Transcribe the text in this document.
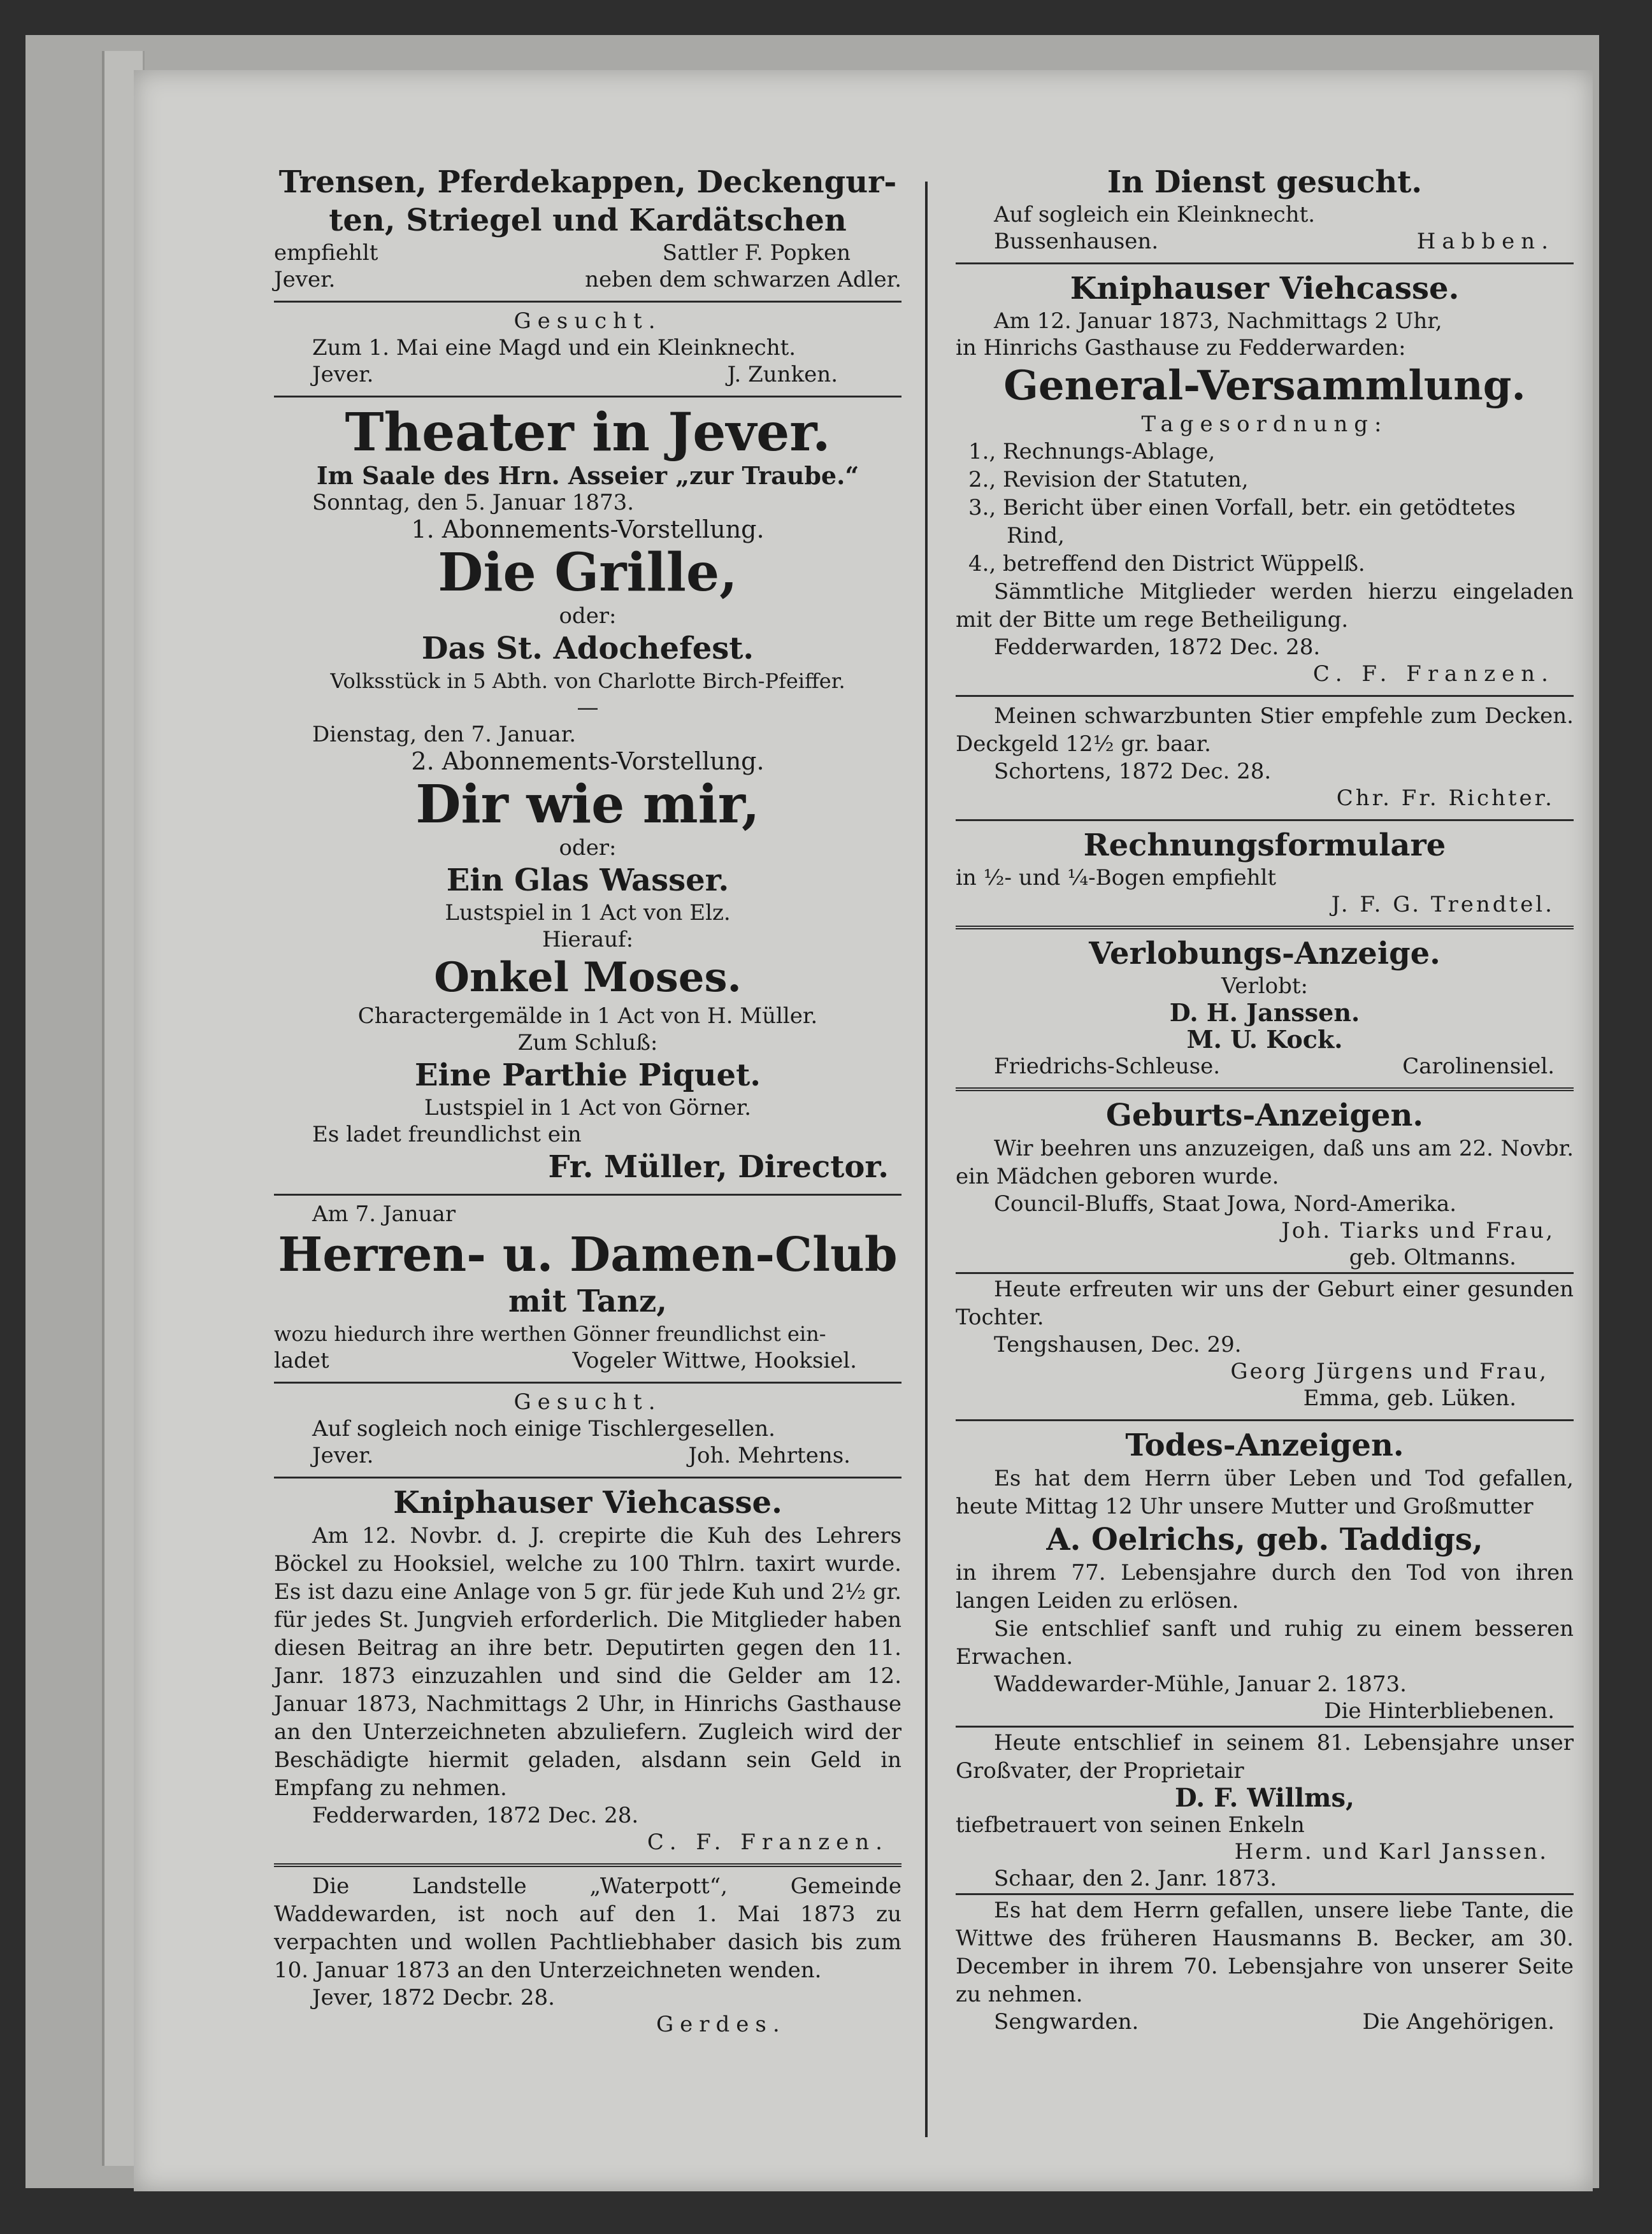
Trensen, Pferdekappen, Deckengur-
ten, Striegel und Kardätschen
empfiehlt	Sattler F. Popken
Jever.	neben dem schwarzen Adler.
Gesucht.
Zum 1. Mai eine Magd und ein Kleinknecht.
Jever.	J. Zunken.
Theater in Jever.
Im Saale des Hrn. Asseier „zur Traube.“
Sonntag, den 5. Januar 1873.
1. Abonnements-Vorstellung.
Die Grille,
oder:
Das St. Adochefest.
Volksstück in 5 Abth. von Charlotte Birch-Pfeiffer.
—
Dienstag, den 7. Januar.
2. Abonnements-Vorstellung.
Dir wie mir,
oder:
Ein Glas Wasser.
Lustspiel in 1 Act von Elz.
Hierauf:
Onkel Moses.
Charactergemälde in 1 Act von H. Müller.
Zum Schluß:
Eine Parthie Piquet.
Lustspiel in 1 Act von Görner.
Es ladet freundlichst ein
Fr. Müller, Director.
Am 7. Januar
Herren- u. Damen-Club
mit Tanz,
wozu hiedurch ihre werthen Gönner freundlichst ein-
ladet	Vogeler Wittwe, Hooksiel.
Gesucht.
Auf sogleich noch einige Tischlergesellen.
Jever.	Joh. Mehrtens.
Kniphauser Viehcasse.
Am 12. Novbr. d. J. crepirte die Kuh des Lehrers Böckel zu Hooksiel, welche zu 100 Thlrn. taxirt wurde. Es ist dazu eine Anlage von 5 gr. für jede Kuh und 2½ gr. für jedes St. Jungvieh erforderlich. Die Mitglieder haben diesen Beitrag an ihre betr. Deputirten gegen den 11. Janr. 1873 einzuzahlen und sind die Gelder am 12. Januar 1873, Nachmittags 2 Uhr, in Hinrichs Gasthause an den Unterzeichneten abzuliefern. Zugleich wird der Beschädigte hiermit geladen, alsdann sein Geld in Empfang zu nehmen.
Fedderwarden, 1872 Dec. 28.
C. F. Franzen.
Die Landstelle „Waterpott“, Gemeinde Waddewarden, ist noch auf den 1. Mai 1873 zu verpachten und wollen Pachtliebhaber dasich bis zum 10. Januar 1873 an den Unterzeichneten wenden.
Jever, 1872 Decbr. 28.
Gerdes.
In Dienst gesucht.
Auf sogleich ein Kleinknecht.
Bussenhausen.	Habben.
Kniphauser Viehcasse.
Am 12. Januar 1873, Nachmittags 2 Uhr,
in Hinrichs Gasthause zu Fedderwarden:
General-Versammlung.
Tagesordnung:
1., Rechnungs-Ablage,
2., Revision der Statuten,
3., Bericht über einen Vorfall, betr. ein getödtetes
Rind,
4., betreffend den District Wüppelß.
Sämmtliche Mitglieder werden hierzu eingeladen mit der Bitte um rege Betheiligung.
Fedderwarden, 1872 Dec. 28.
C. F. Franzen.
Meinen schwarzbunten Stier empfehle zum Decken. Deckgeld 12½ gr. baar.
Schortens, 1872 Dec. 28.
Chr. Fr. Richter.
Rechnungsformulare
in ½- und ¼-Bogen empfiehlt
J. F. G. Trendtel.
Verlobungs-Anzeige.
Verlobt:
D. H. Janssen.
M. U. Kock.
Friedrichs-Schleuse.	Carolinensiel.
Geburts-Anzeigen.
Wir beehren uns anzuzeigen, daß uns am 22. Novbr. ein Mädchen geboren wurde.
Council-Bluffs, Staat Jowa, Nord-Amerika.
Joh. Tiarks und Frau,
geb. Oltmanns.
Heute erfreuten wir uns der Geburt einer gesunden Tochter.
Tengshausen, Dec. 29.
Georg Jürgens und Frau,
Emma, geb. Lüken.
Todes-Anzeigen.
Es hat dem Herrn über Leben und Tod gefallen, heute Mittag 12 Uhr unsere Mutter und Großmutter
A. Oelrichs, geb. Taddigs,
in ihrem 77. Lebensjahre durch den Tod von ihren langen Leiden zu erlösen.
Sie entschlief sanft und ruhig zu einem besseren Erwachen.
Waddewarder-Mühle, Januar 2. 1873.
Die Hinterbliebenen.
Heute entschlief in seinem 81. Lebensjahre unser Großvater, der Proprietair
D. F. Willms,
tiefbetrauert von seinen Enkeln
Herm. und Karl Janssen.
Schaar, den 2. Janr. 1873.
Es hat dem Herrn gefallen, unsere liebe Tante, die Wittwe des früheren Hausmanns B. Becker, am 30. December in ihrem 70. Lebensjahre von unserer Seite zu nehmen.
Sengwarden.	Die Angehörigen.
